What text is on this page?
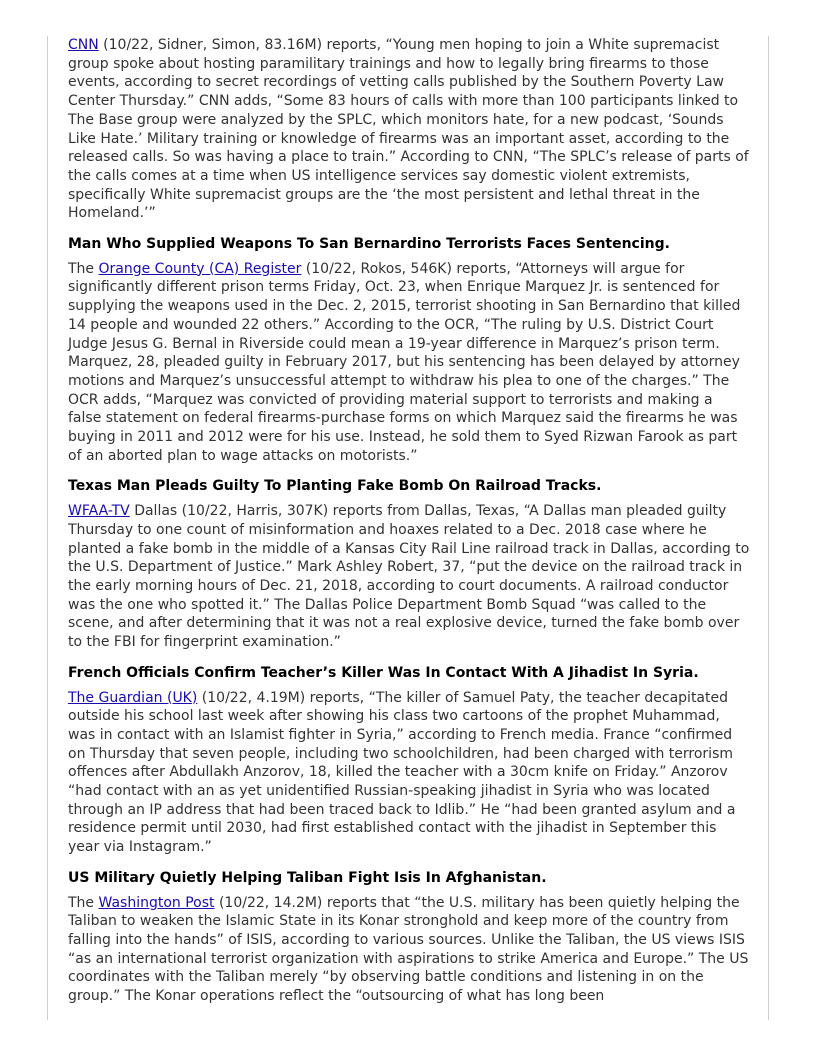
CNN (10/22, Sidner, Simon, 83.16M) reports, “Young men hoping to join a White supremacist group spoke about hosting paramilitary trainings and how to legally bring firearms to those events, according to secret recordings of vetting calls published by the Southern Poverty Law Center Thursday.” CNN adds, “Some 83 hours of calls with more than 100 participants linked to The Base group were analyzed by the SPLC, which monitors hate, for a new podcast, ‘Sounds Like Hate.’ Military training or knowledge of firearms was an important asset, according to the released calls. So was having a place to train.” According to CNN, “The SPLC’s release of parts of the calls comes at a time when US intelligence services say domestic violent extremists, specifically White supremacist groups are the ‘the most persistent and lethal threat in the Homeland.’”

Man Who Supplied Weapons To San Bernardino Terrorists Faces Sentencing.

The Orange County (CA) Register (10/22, Rokos, 546K) reports, “Attorneys will argue for significantly different prison terms Friday, Oct. 23, when Enrique Marquez Jr. is sentenced for supplying the weapons used in the Dec. 2, 2015, terrorist shooting in San Bernardino that killed 14 people and wounded 22 others.” According to the OCR, “The ruling by U.S. District Court Judge Jesus G. Bernal in Riverside could mean a 19-year difference in Marquez’s prison term. Marquez, 28, pleaded guilty in February 2017, but his sentencing has been delayed by attorney motions and Marquez’s unsuccessful attempt to withdraw his plea to one of the charges.” The OCR adds, “Marquez was convicted of providing material support to terrorists and making a false statement on federal firearms-purchase forms on which Marquez said the firearms he was buying in 2011 and 2012 were for his use. Instead, he sold them to Syed Rizwan Farook as part of an aborted plan to wage attacks on motorists.”

Texas Man Pleads Guilty To Planting Fake Bomb On Railroad Tracks.

WFAA-TV Dallas (10/22, Harris, 307K) reports from Dallas, Texas, “A Dallas man pleaded guilty Thursday to one count of misinformation and hoaxes related to a Dec. 2018 case where he planted a fake bomb in the middle of a Kansas City Rail Line railroad track in Dallas, according to the U.S. Department of Justice.” Mark Ashley Robert, 37, “put the device on the railroad track in the early morning hours of Dec. 21, 2018, according to court documents. A railroad conductor was the one who spotted it.” The Dallas Police Department Bomb Squad “was called to the scene, and after determining that it was not a real explosive device, turned the fake bomb over to the FBI for fingerprint examination.”

French Officials Confirm Teacher’s Killer Was In Contact With A Jihadist In Syria.

The Guardian (UK) (10/22, 4.19M) reports, “The killer of Samuel Paty, the teacher decapitated outside his school last week after showing his class two cartoons of the prophet Muhammad, was in contact with an Islamist fighter in Syria,” according to French media. France “confirmed on Thursday that seven people, including two schoolchildren, had been charged with terrorism offences after Abdullakh Anzorov, 18, killed the teacher with a 30cm knife on Friday.” Anzorov “had contact with an as yet unidentified Russian-speaking jihadist in Syria who was located through an IP address that had been traced back to Idlib.” He “had been granted asylum and a residence permit until 2030, had first established contact with the jihadist in September this year via Instagram.”

US Military Quietly Helping Taliban Fight Isis In Afghanistan.

The Washington Post (10/22, 14.2M) reports that “the U.S. military has been quietly helping the Taliban to weaken the Islamic State in its Konar stronghold and keep more of the country from falling into the hands” of ISIS, according to various sources. Unlike the Taliban, the US views ISIS “as an international terrorist organization with aspirations to strike America and Europe.” The US coordinates with the Taliban merely “by observing battle conditions and listening in on the group.” The Konar operations reflect the “outsourcing of what has long been
